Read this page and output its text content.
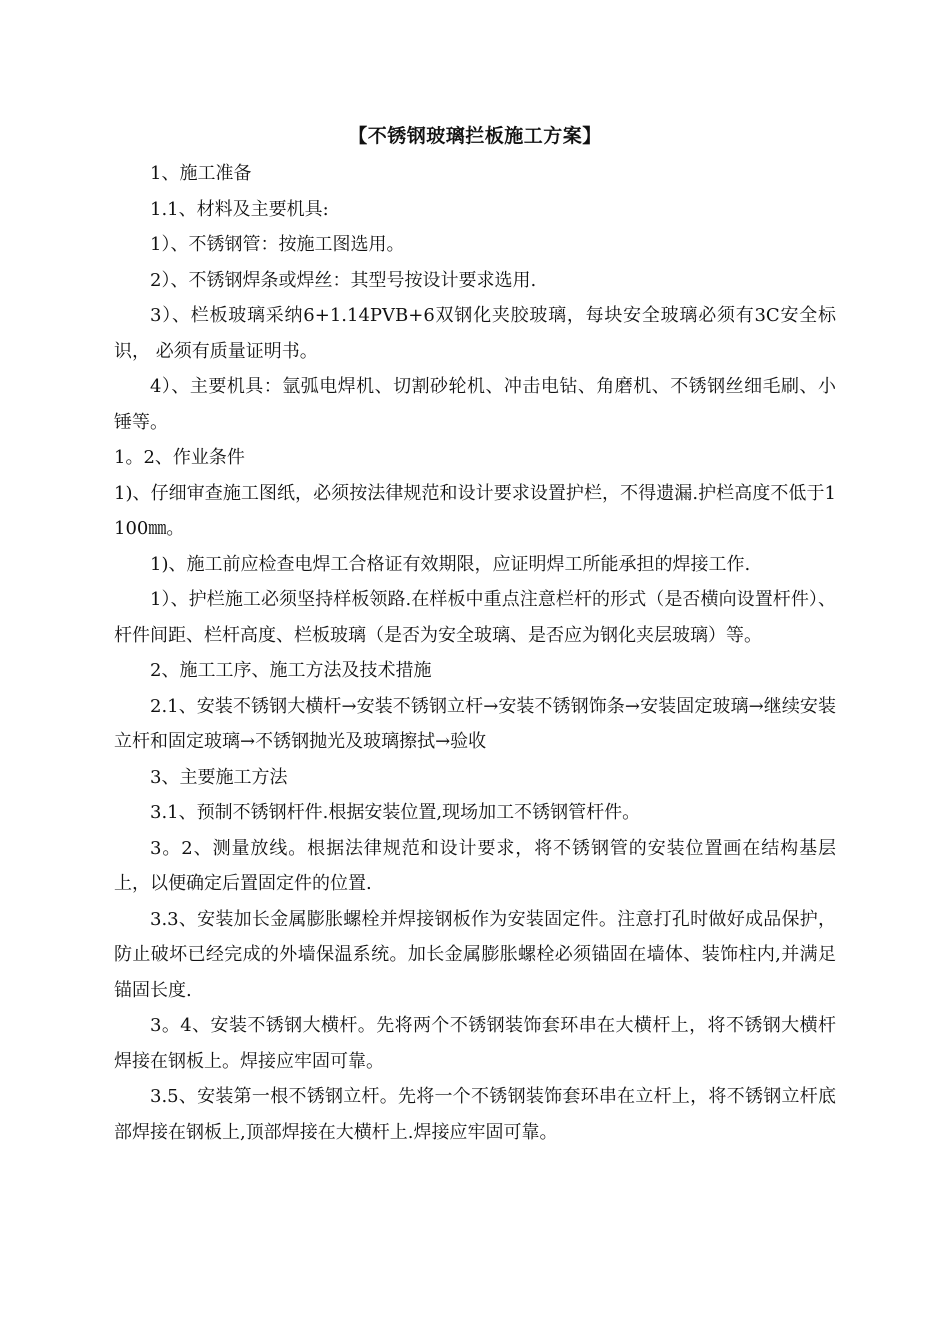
【不锈钢玻璃拦板施工方案】

1、施工准备

1.1、材料及主要机具:

1）、不锈钢管：按施工图选用。

2）、不锈钢焊条或焊丝：其型号按设计要求选用.

3）、栏板玻璃采纳6+1.14PVB+6双钢化夹胶玻璃，每块安全玻璃必须有3C安全标识， 必须有质量证明书。

4）、主要机具：氩弧电焊机、切割砂轮机、冲击电钻、角磨机、不锈钢丝细毛刷、小锤等。

1。2、作业条件

1)、仔细审查施工图纸，必须按法律规范和设计要求设置护栏，不得遗漏.护栏高度不低于1100㎜。

1)、施工前应检查电焊工合格证有效期限，应证明焊工所能承担的焊接工作.

1）、护栏施工必须坚持样板领路.在样板中重点注意栏杆的形式（是否横向设置杆件）、杆件间距、栏杆高度、栏板玻璃（是否为安全玻璃、是否应为钢化夹层玻璃）等。

2、施工工序、施工方法及技术措施

2.1、安装不锈钢大横杆→安装不锈钢立杆→安装不锈钢饰条→安装固定玻璃→继续安装立杆和固定玻璃→不锈钢抛光及玻璃擦拭→验收

3、主要施工方法

3.1、预制不锈钢杆件.根据安装位置,现场加工不锈钢管杆件。

3。2、测量放线。根据法律规范和设计要求，将不锈钢管的安装位置画在结构基层上，以便确定后置固定件的位置.

3.3、安装加长金属膨胀螺栓并焊接钢板作为安装固定件。注意打孔时做好成品保护，防止破坏已经完成的外墙保温系统。加长金属膨胀螺栓必须锚固在墙体、装饰柱内,并满足锚固长度.

3。4、安装不锈钢大横杆。先将两个不锈钢装饰套环串在大横杆上，将不锈钢大横杆焊接在钢板上。焊接应牢固可靠。

3.5、安装第一根不锈钢立杆。先将一个不锈钢装饰套环串在立杆上，将不锈钢立杆底部焊接在钢板上,顶部焊接在大横杆上.焊接应牢固可靠。
